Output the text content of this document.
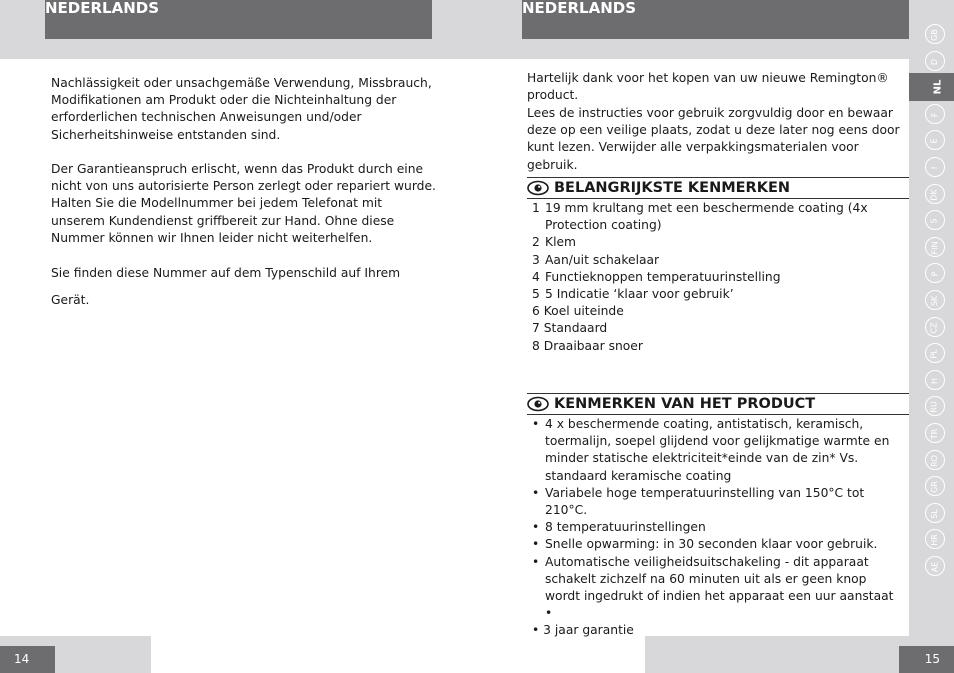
NEDERLANDS	NEDERLANDS
GB
D
NL
F
E
I
DK
S
FIN
P
SK
CZ
PL
H
RU
TR
RO
GR
SL
HR
AE

Nachlässigkeit oder unsachgemäße Verwendung, Missbrauch, Modifikationen am Produkt oder die Nichteinhaltung der erforderlichen technischen Anweisungen und/oder Sicherheitshinweise entstanden sind.

Der Garantieanspruch erlischt, wenn das Produkt durch eine nicht von uns autorisierte Person zerlegt oder repariert wurde. Halten Sie die Modellnummer bei jedem Telefonat mit unserem Kundendienst griffbereit zur Hand. Ohne diese Nummer können wir Ihnen leider nicht weiterhelfen.

Sie finden diese Nummer auf dem Typenschild auf Ihrem

Gerät.

Hartelijk dank voor het kopen van uw nieuwe Remington® product.

Lees de instructies voor gebruik zorgvuldig door en bewaar deze op een veilige plaats, zodat u deze later nog eens door kunt lezen. Verwijder alle verpakkingsmaterialen voor gebruik.

BELANGRIJKSTE KENMERKEN
1 19 mm krultang met een beschermende coating (4x Protection coating)
2 Klem
3 Aan/uit schakelaar
4 Functieknoppen temperatuurinstelling
5 5 Indicatie ‘klaar voor gebruik’
6 Koel uiteinde
7 Standaard
8 Draaibaar snoer
KENMERKEN VAN HET PRODUCT
• 4 x beschermende coating, antistatisch, keramisch, toermalijn, soepel glijdend voor gelijkmatige warmte en minder statische elektriciteit*einde van de zin* Vs. standaard keramische coating
• Variabele hoge temperatuurinstelling van 150°C tot 210°C.
• 8 temperatuurinstellingen
• Snelle opwarming: in 30 seconden klaar voor gebruik.
• Automatische veiligheidsuitschakeling - dit apparaat schakelt zichzelf na 60 minuten uit als er geen knop wordt ingedrukt of indien het apparaat een uur aanstaat •
• 3 jaar garantie
14	15
